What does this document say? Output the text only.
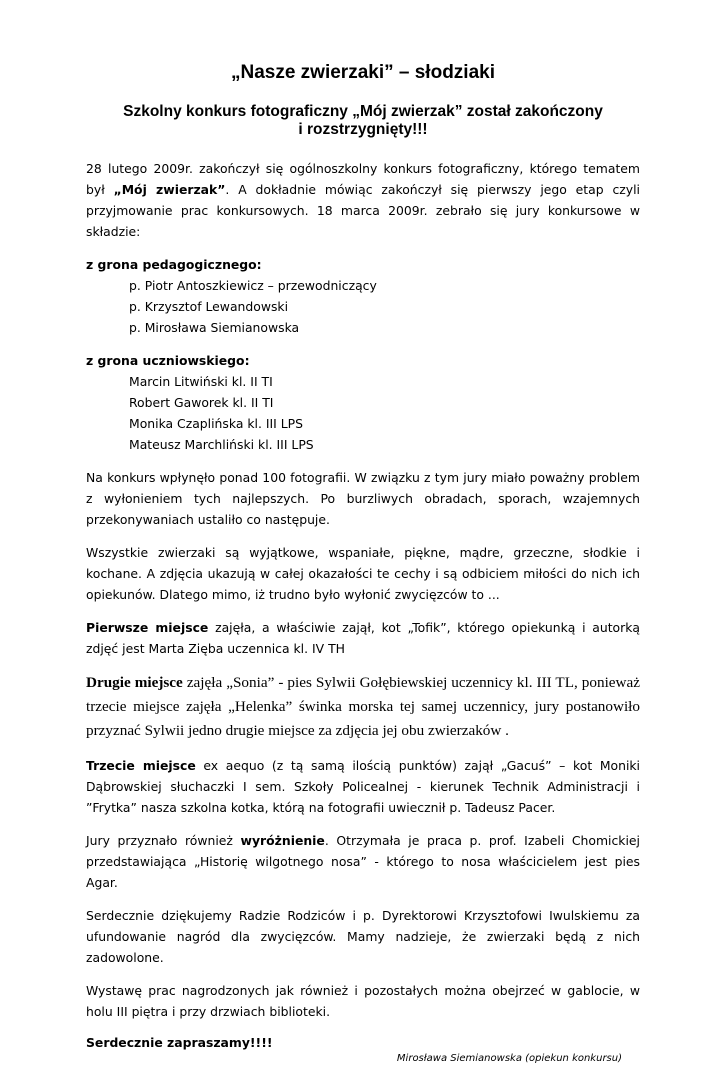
„Nasze zwierzaki” – słodziaki
Szkolny konkurs fotograficzny „Mój zwierzak” został zakończony
i rozstrzygnięty!!!

28 lutego 2009r. zakończył się ogólnoszkolny konkurs fotograficzny, którego tematem był „Mój zwierzak”. A dokładnie mówiąc zakończył się pierwszy jego etap czyli przyjmowanie prac konkursowych. 18 marca 2009r. zebrało się jury konkursowe w składzie:

z grona pedagogicznego:
p. Piotr Antoszkiewicz – przewodniczący
p. Krzysztof Lewandowski
p. Mirosława Siemianowska
z grona uczniowskiego:
Marcin Litwiński kl. II TI
Robert Gaworek kl. II TI
Monika Czaplińska kl. III LPS
Mateusz Marchliński kl. III LPS

Na konkurs wpłynęło ponad 100 fotografii. W związku z tym jury miało poważny problem z wyłonieniem tych najlepszych. Po burzliwych obradach, sporach, wzajemnych przekonywaniach ustaliło co następuje.

Wszystkie zwierzaki są wyjątkowe, wspaniałe, piękne, mądre, grzeczne, słodkie i kochane. A zdjęcia ukazują w całej okazałości te cechy i są odbiciem miłości do nich ich opiekunów. Dlatego mimo, iż trudno było wyłonić zwycięzców to ...

Pierwsze miejsce zajęła, a właściwie zajął, kot „Tofik”, którego opiekunką i autorką zdjęć jest Marta Zięba uczennica kl. IV TH

Drugie miejsce zajęła „Sonia” - pies Sylwii Gołębiewskiej uczennicy kl. III TL, ponieważ trzecie miejsce zajęła „Helenka” świnka morska tej samej uczennicy, jury postanowiło przyznać Sylwii jedno drugie miejsce za zdjęcia jej obu zwierzaków .

Trzecie miejsce ex aequo (z tą samą ilością punktów) zajął „Gacuś” – kot Moniki Dąbrowskiej słuchaczki I sem. Szkoły Policealnej - kierunek Technik Administracji i ”Frytka” nasza szkolna kotka, którą na fotografii uwiecznił p. Tadeusz Pacer.

Jury przyznało również wyróżnienie. Otrzymała je praca p. prof. Izabeli Chomickiej przedstawiająca „Historię wilgotnego nosa” - którego to nosa właścicielem jest pies Agar.

Serdecznie dziękujemy Radzie Rodziców i p. Dyrektorowi Krzysztofowi Iwulskiemu za ufundowanie nagród dla zwycięzców. Mamy nadzieje, że zwierzaki będą z nich zadowolone.

Wystawę prac nagrodzonych jak również i pozostałych można obejrzeć w gablocie, w holu III piętra i przy drzwiach biblioteki.

Serdecznie zapraszamy!!!!
Mirosława Siemianowska (opiekun konkursu)
